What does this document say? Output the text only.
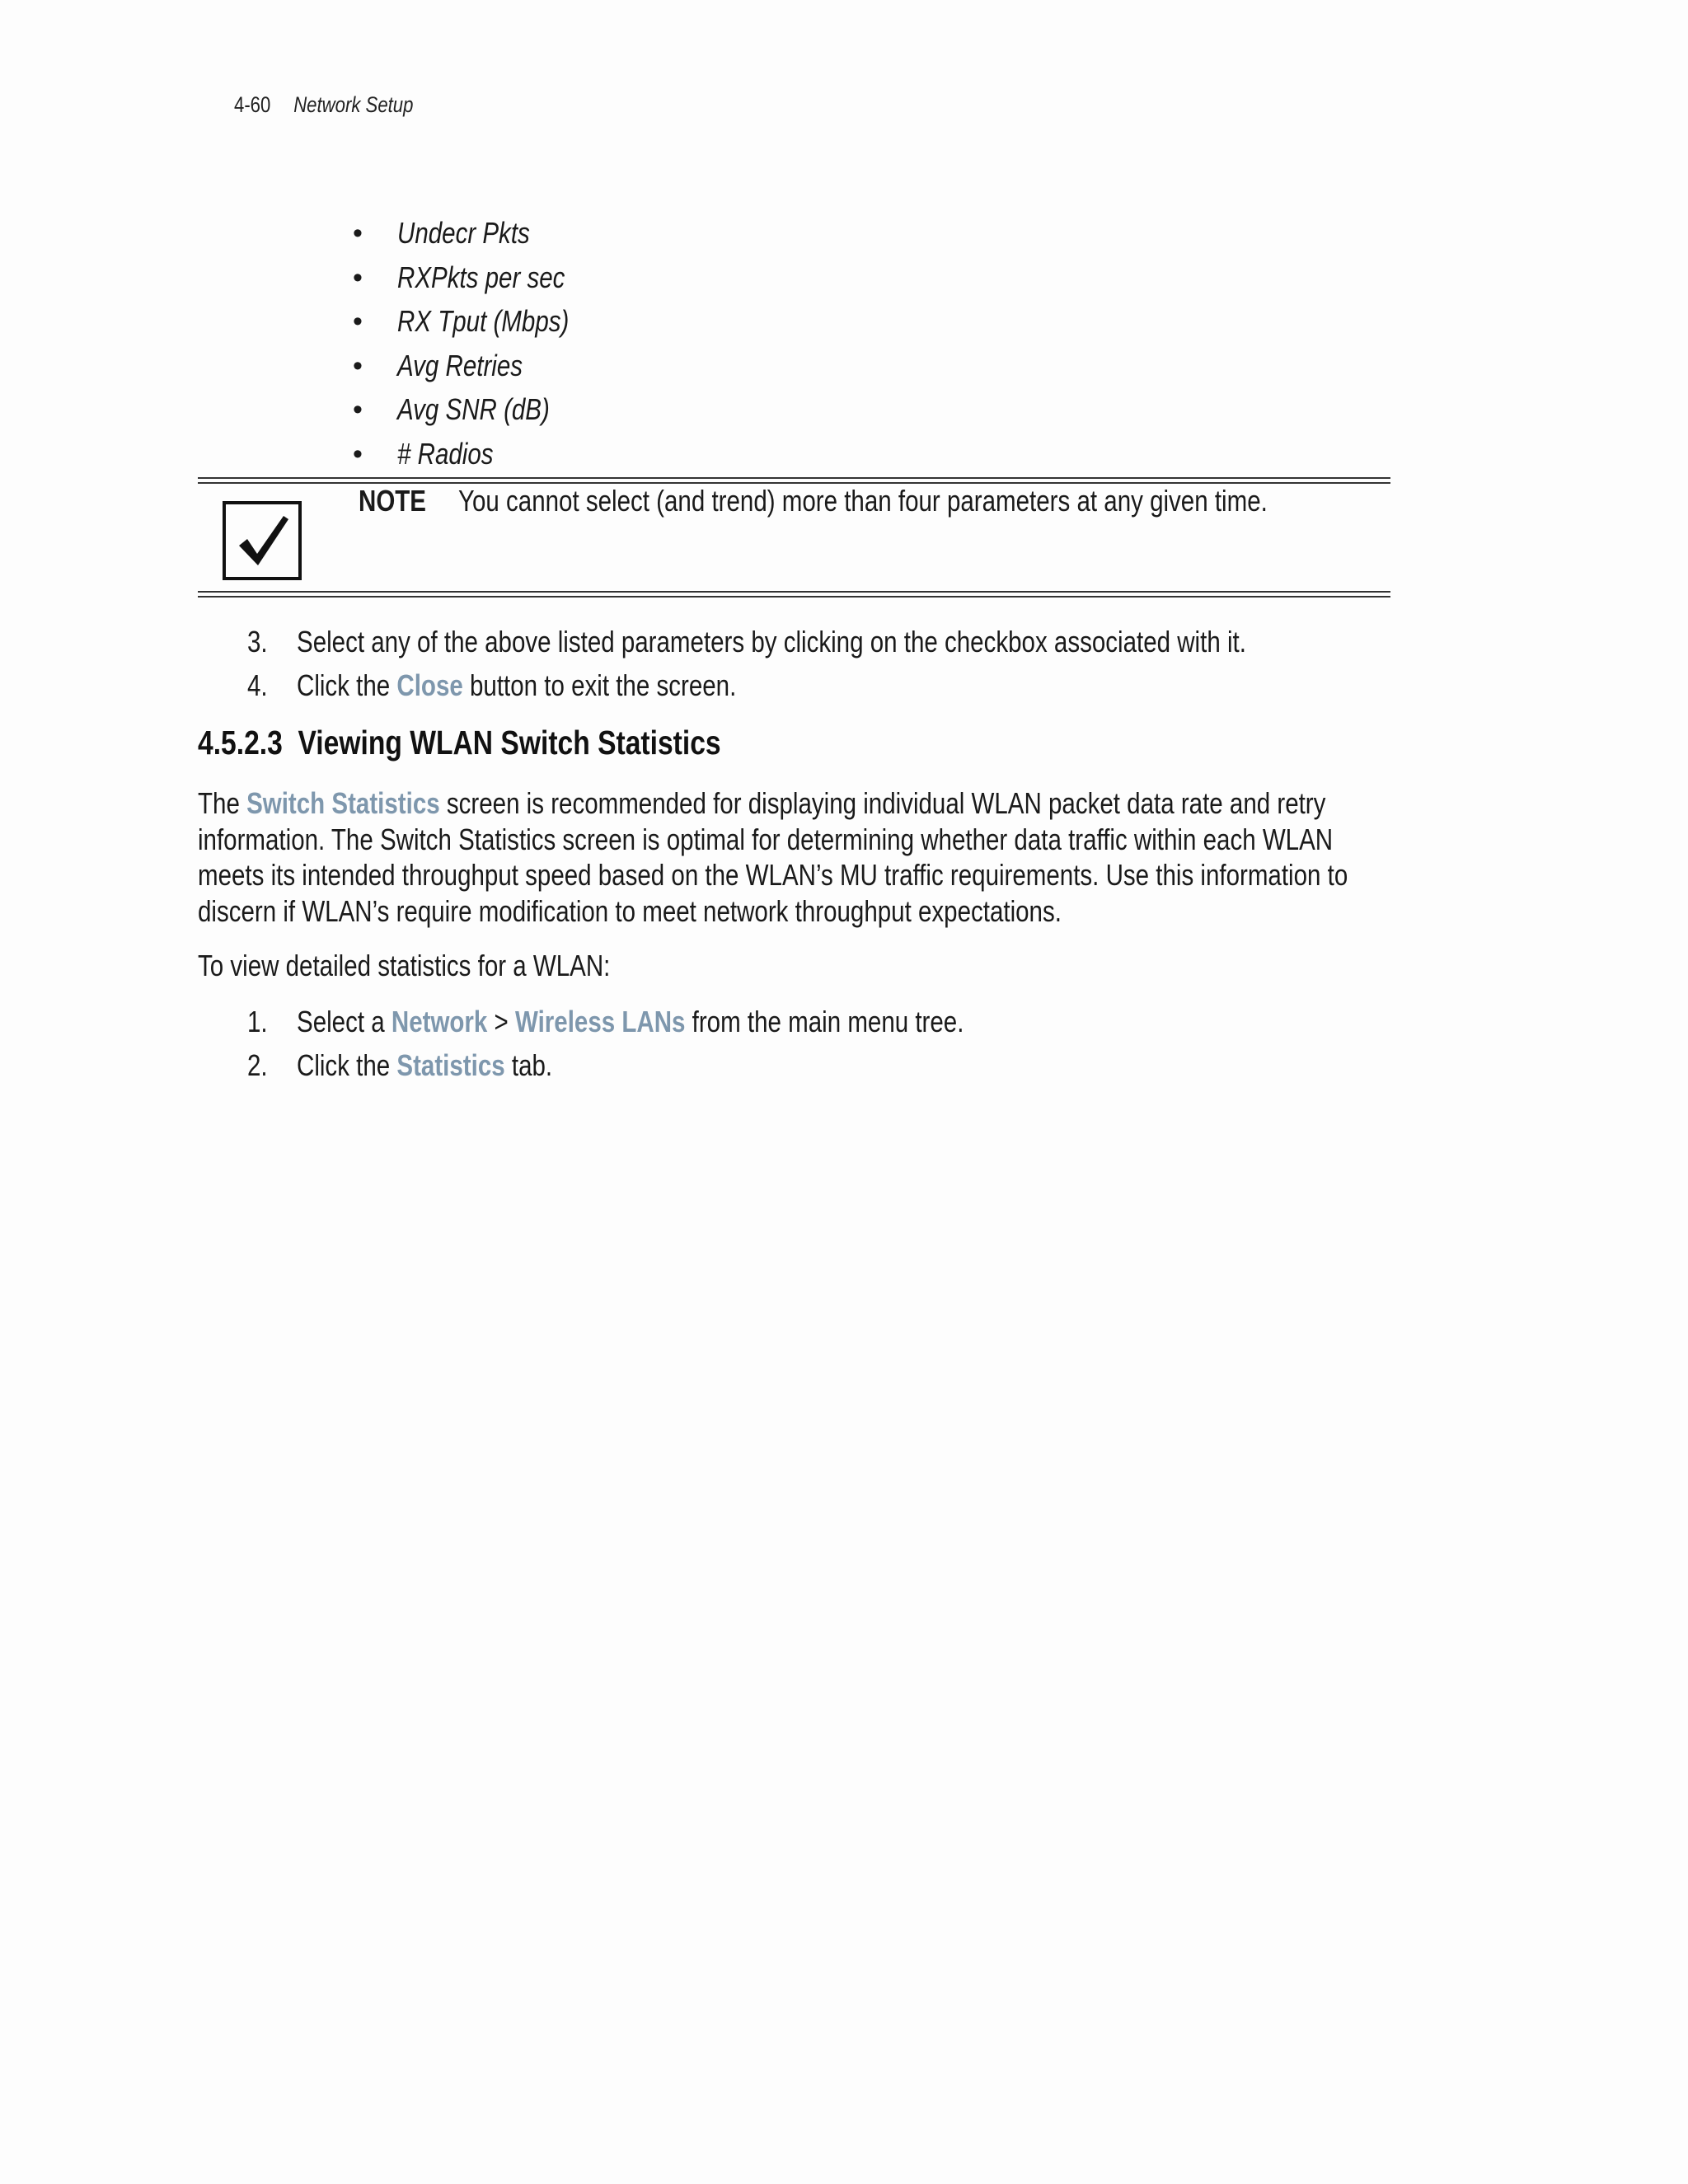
4-60 Network Setup
• Undecr Pkts
• RXPkts per sec
• RX Tput (Mbps)
• Avg Retries
• Avg SNR (dB)
• # Radios
NOTE	You cannot select (and trend) more than four parameters at any given time.
3. Select any of the above listed parameters by clicking on the checkbox associated with it.
4. Click the Close button to exit the screen.
4.5.2.3  Viewing WLAN Switch Statistics
The Switch Statistics screen is recommended for displaying individual WLAN packet data rate and retry
information. The Switch Statistics screen is optimal for determining whether data traffic within each WLAN
meets its intended throughput speed based on the WLAN’s MU traffic requirements. Use this information to
discern if WLAN’s require modification to meet network throughput expectations.
To view detailed statistics for a WLAN:
1. Select a Network > Wireless LANs from the main menu tree.
2. Click the Statistics tab.
